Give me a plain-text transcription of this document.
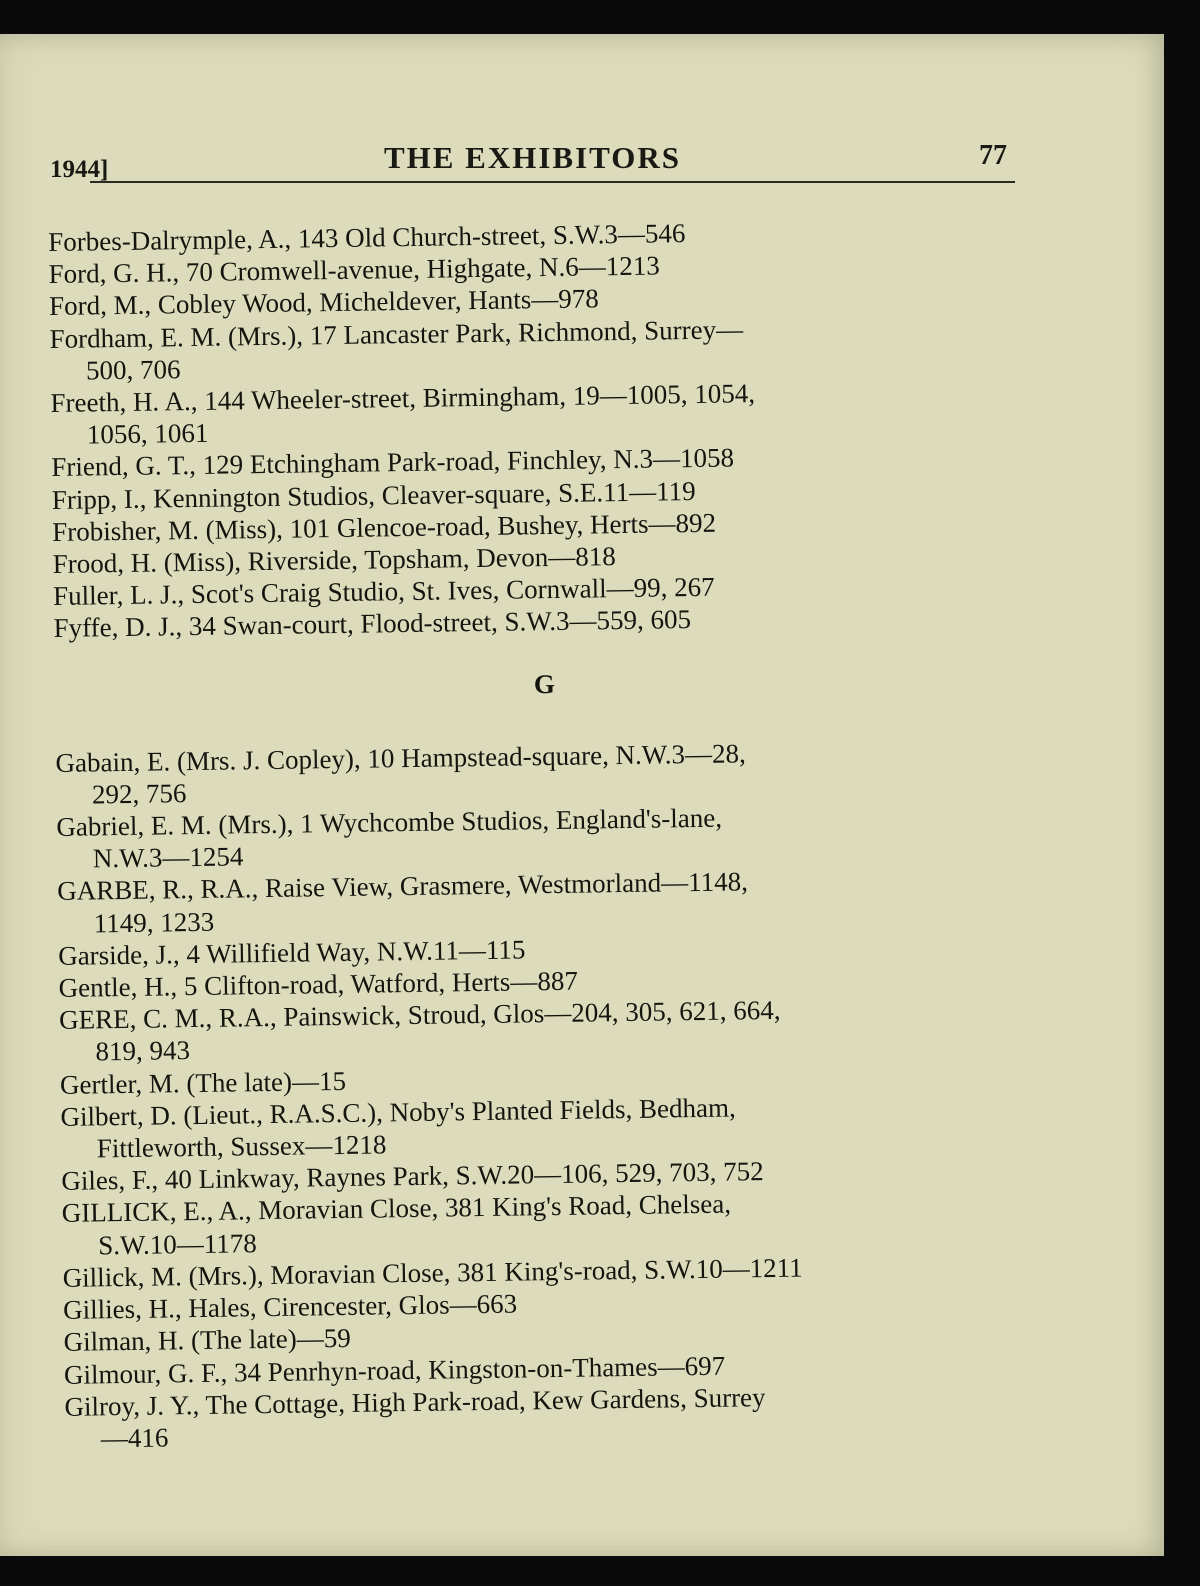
1944]	THE EXHIBITORS	77

Forbes-Dalrymple, A., 143 Old Church-street, S.W.3—546

Ford, G. H., 70 Cromwell-avenue, Highgate, N.6—1213

Ford, M., Cobley Wood, Micheldever, Hants—978

Fordham, E. M. (Mrs.), 17 Lancaster Park, Richmond, Surrey—

500, 706

Freeth, H. A., 144 Wheeler-street, Birmingham, 19—1005, 1054,

1056, 1061

Friend, G. T., 129 Etchingham Park-road, Finchley, N.3—1058

Fripp, I., Kennington Studios, Cleaver-square, S.E.11—119

Frobisher, M. (Miss), 101 Glencoe-road, Bushey, Herts—892

Frood, H. (Miss), Riverside, Topsham, Devon—818

Fuller, L. J., Scot's Craig Studio, St. Ives, Cornwall—99, 267

Fyffe, D. J., 34 Swan-court, Flood-street, S.W.3—559, 605

G

Gabain, E. (Mrs. J. Copley), 10 Hampstead-square, N.W.3—28,

292, 756

Gabriel, E. M. (Mrs.), 1 Wychcombe Studios, England's-lane,

N.W.3—1254

GARBE, R., R.A., Raise View, Grasmere, Westmorland—1148,

1149, 1233

Garside, J., 4 Willifield Way, N.W.11—115

Gentle, H., 5 Clifton-road, Watford, Herts—887

GERE, C. M., R.A., Painswick, Stroud, Glos—204, 305, 621, 664,

819, 943

Gertler, M. (The late)—15

Gilbert, D. (Lieut., R.A.S.C.), Noby's Planted Fields, Bedham,

Fittleworth, Sussex—1218

Giles, F., 40 Linkway, Raynes Park, S.W.20—106, 529, 703, 752

GILLICK, E., A., Moravian Close, 381 King's Road, Chelsea,

S.W.10—1178

Gillick, M. (Mrs.), Moravian Close, 381 King's-road, S.W.10—1211

Gillies, H., Hales, Cirencester, Glos—663

Gilman, H. (The late)—59

Gilmour, G. F., 34 Penrhyn-road, Kingston-on-Thames—697

Gilroy, J. Y., The Cottage, High Park-road, Kew Gardens, Surrey

—416
